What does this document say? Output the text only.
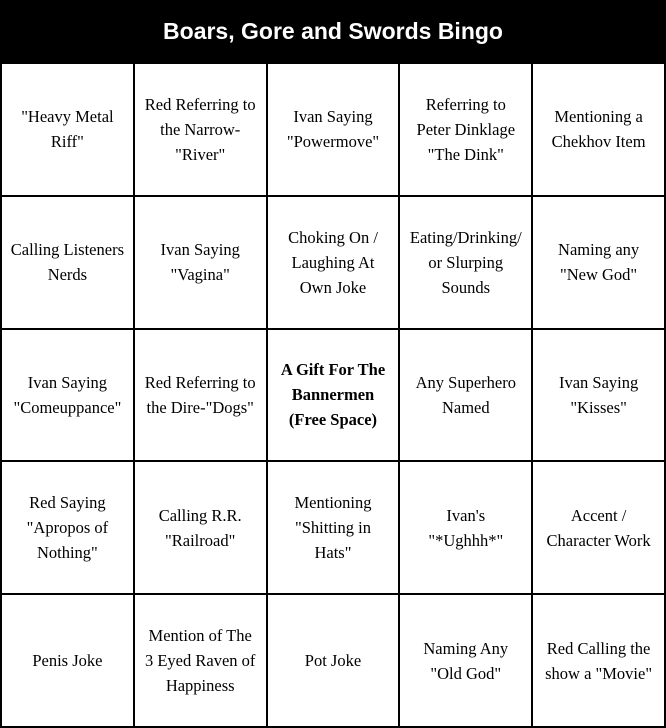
Boars, Gore and Swords Bingo
"Heavy Metal
Riff"
Red Referring to
the Narrow-
"River"
Ivan Saying
"Powermove"
Referring to
Peter Dinklage
"The Dink"
Mentioning a
Chekhov Item
Calling Listeners
Nerds
Ivan Saying
"Vagina"
Choking On /
Laughing At
Own Joke
Eating/Drinking/
or Slurping
Sounds
Naming any
"New God"
Ivan Saying
"Comeuppance"
Red Referring to
the Dire-"Dogs"
A Gift For The
Bannermen
(Free Space)
Any Superhero
Named
Ivan Saying
"Kisses"
Red Saying
"Apropos of
Nothing"
Calling R.R.
"Railroad"
Mentioning
"Shitting in
Hats"
Ivan's
"*Ughhh*"
Accent /
Character Work
Penis Joke
Mention of The
3 Eyed Raven of
Happiness
Pot Joke
Naming Any
"Old God"
Red Calling the
show a "Movie"
